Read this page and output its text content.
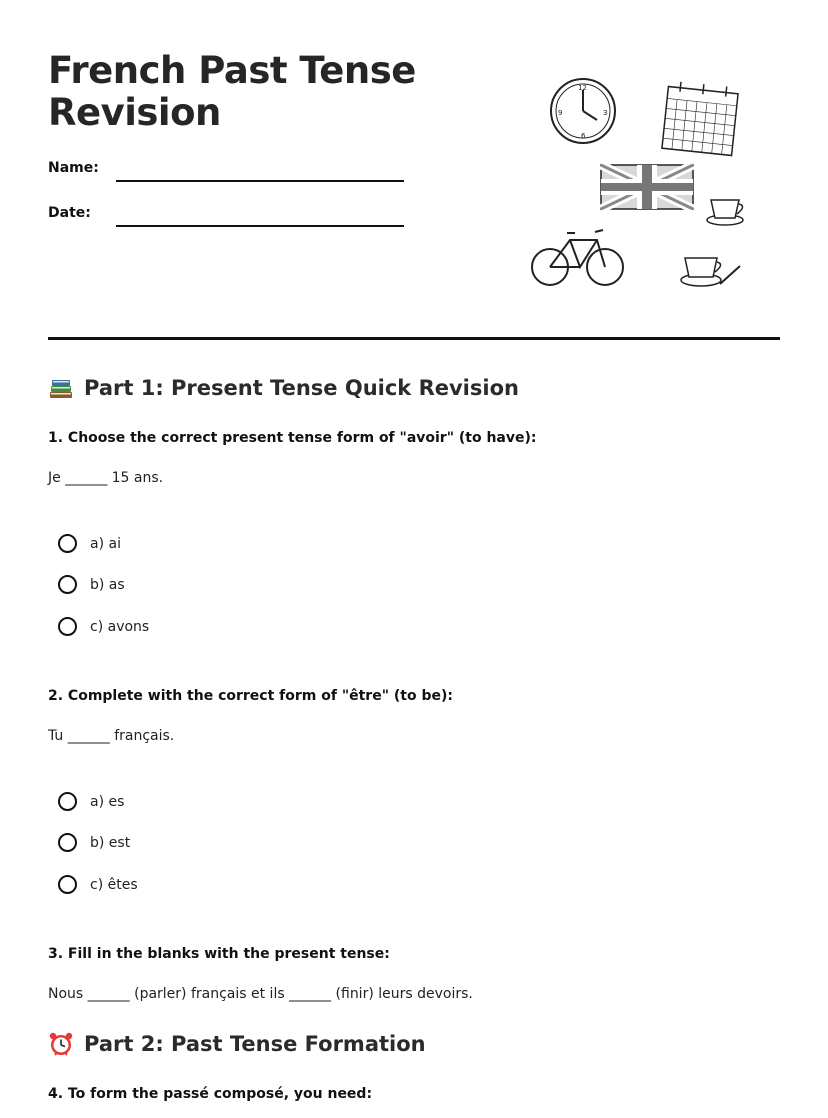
French Past Tense Revision
Name:
Date:
12
3
6
9
Part 1: Present Tense Quick Revision
1. Choose the correct present tense form of "avoir" (to have):
Je ______ 15 ans.
a) ai
b) as
c) avons
2. Complete with the correct form of "être" (to be):
Tu ______ français.
a) es
b) est
c) êtes
3. Fill in the blanks with the present tense:
Nous ______ (parler) français et ils ______ (finir) leurs devoirs.
Part 2: Past Tense Formation
4. To form the passé composé, you need:
